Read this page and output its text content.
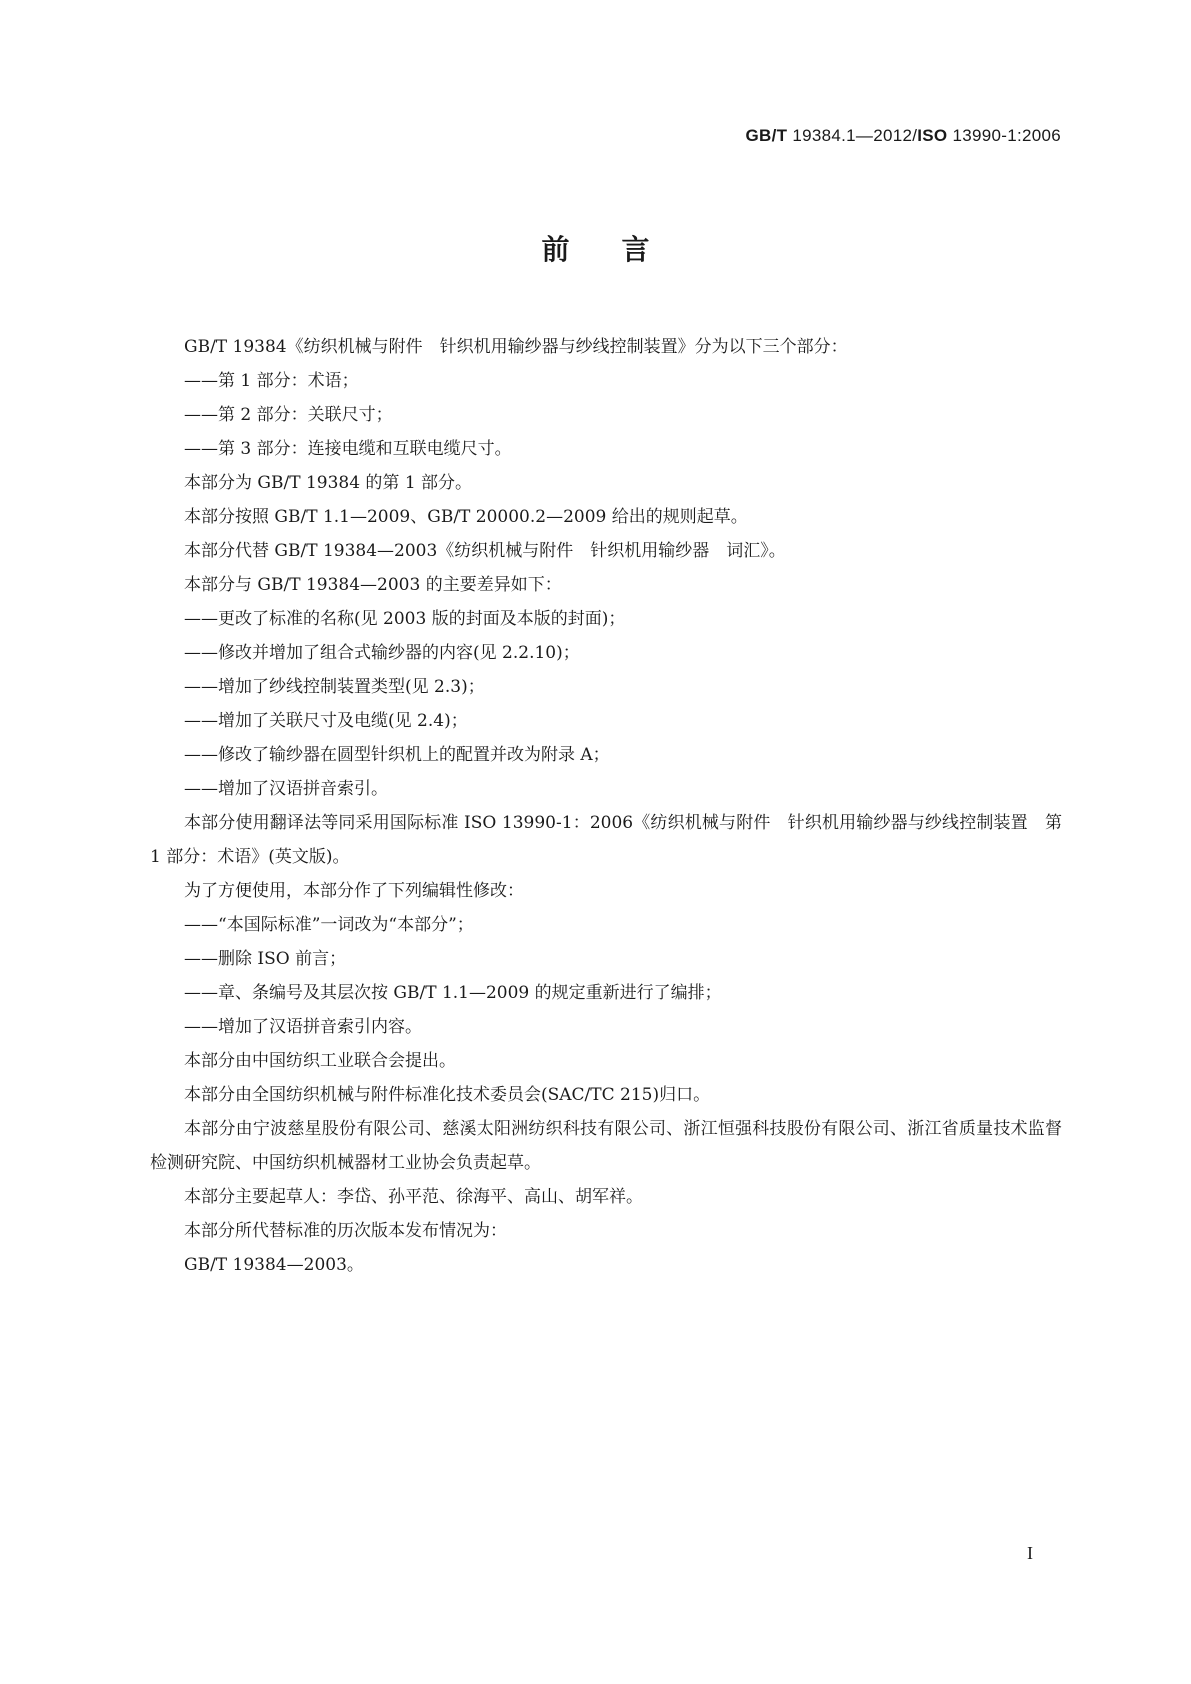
GB/T 19384.1—2012/ISO 13990-1:2006
前言

GB/T 19384《纺织机械与附件　针织机用输纱器与纱线控制装置》分为以下三个部分：

——第 1 部分：术语；

——第 2 部分：关联尺寸；

——第 3 部分：连接电缆和互联电缆尺寸。

本部分为 GB/T 19384 的第 1 部分。

本部分按照 GB/T 1.1—2009、GB/T 20000.2—2009 给出的规则起草。

本部分代替 GB/T 19384—2003《纺织机械与附件　针织机用输纱器　词汇》。

本部分与 GB/T 19384—2003 的主要差异如下：

——更改了标准的名称(见 2003 版的封面及本版的封面)；

——修改并增加了组合式输纱器的内容(见 2.2.10)；

——增加了纱线控制装置类型(见 2.3)；

——增加了关联尺寸及电缆(见 2.4)；

——修改了输纱器在圆型针织机上的配置并改为附录 A；

——增加了汉语拼音索引。

本部分使用翻译法等同采用国际标准 ISO 13990-1：2006《纺织机械与附件　针织机用输纱器与纱线控制装置　第 1 部分：术语》(英文版)。

为了方便使用，本部分作了下列编辑性修改：

——“本国际标准”一词改为“本部分”；

——删除 ISO 前言；

——章、条编号及其层次按 GB/T 1.1—2009 的规定重新进行了编排；

——增加了汉语拼音索引内容。

本部分由中国纺织工业联合会提出。

本部分由全国纺织机械与附件标准化技术委员会(SAC/TC 215)归口。

本部分由宁波慈星股份有限公司、慈溪太阳洲纺织科技有限公司、浙江恒强科技股份有限公司、浙江省质量技术监督检测研究院、中国纺织机械器材工业协会负责起草。

本部分主要起草人：李岱、孙平范、徐海平、高山、胡军祥。

本部分所代替标准的历次版本发布情况为：

GB/T 19384—2003。

I
